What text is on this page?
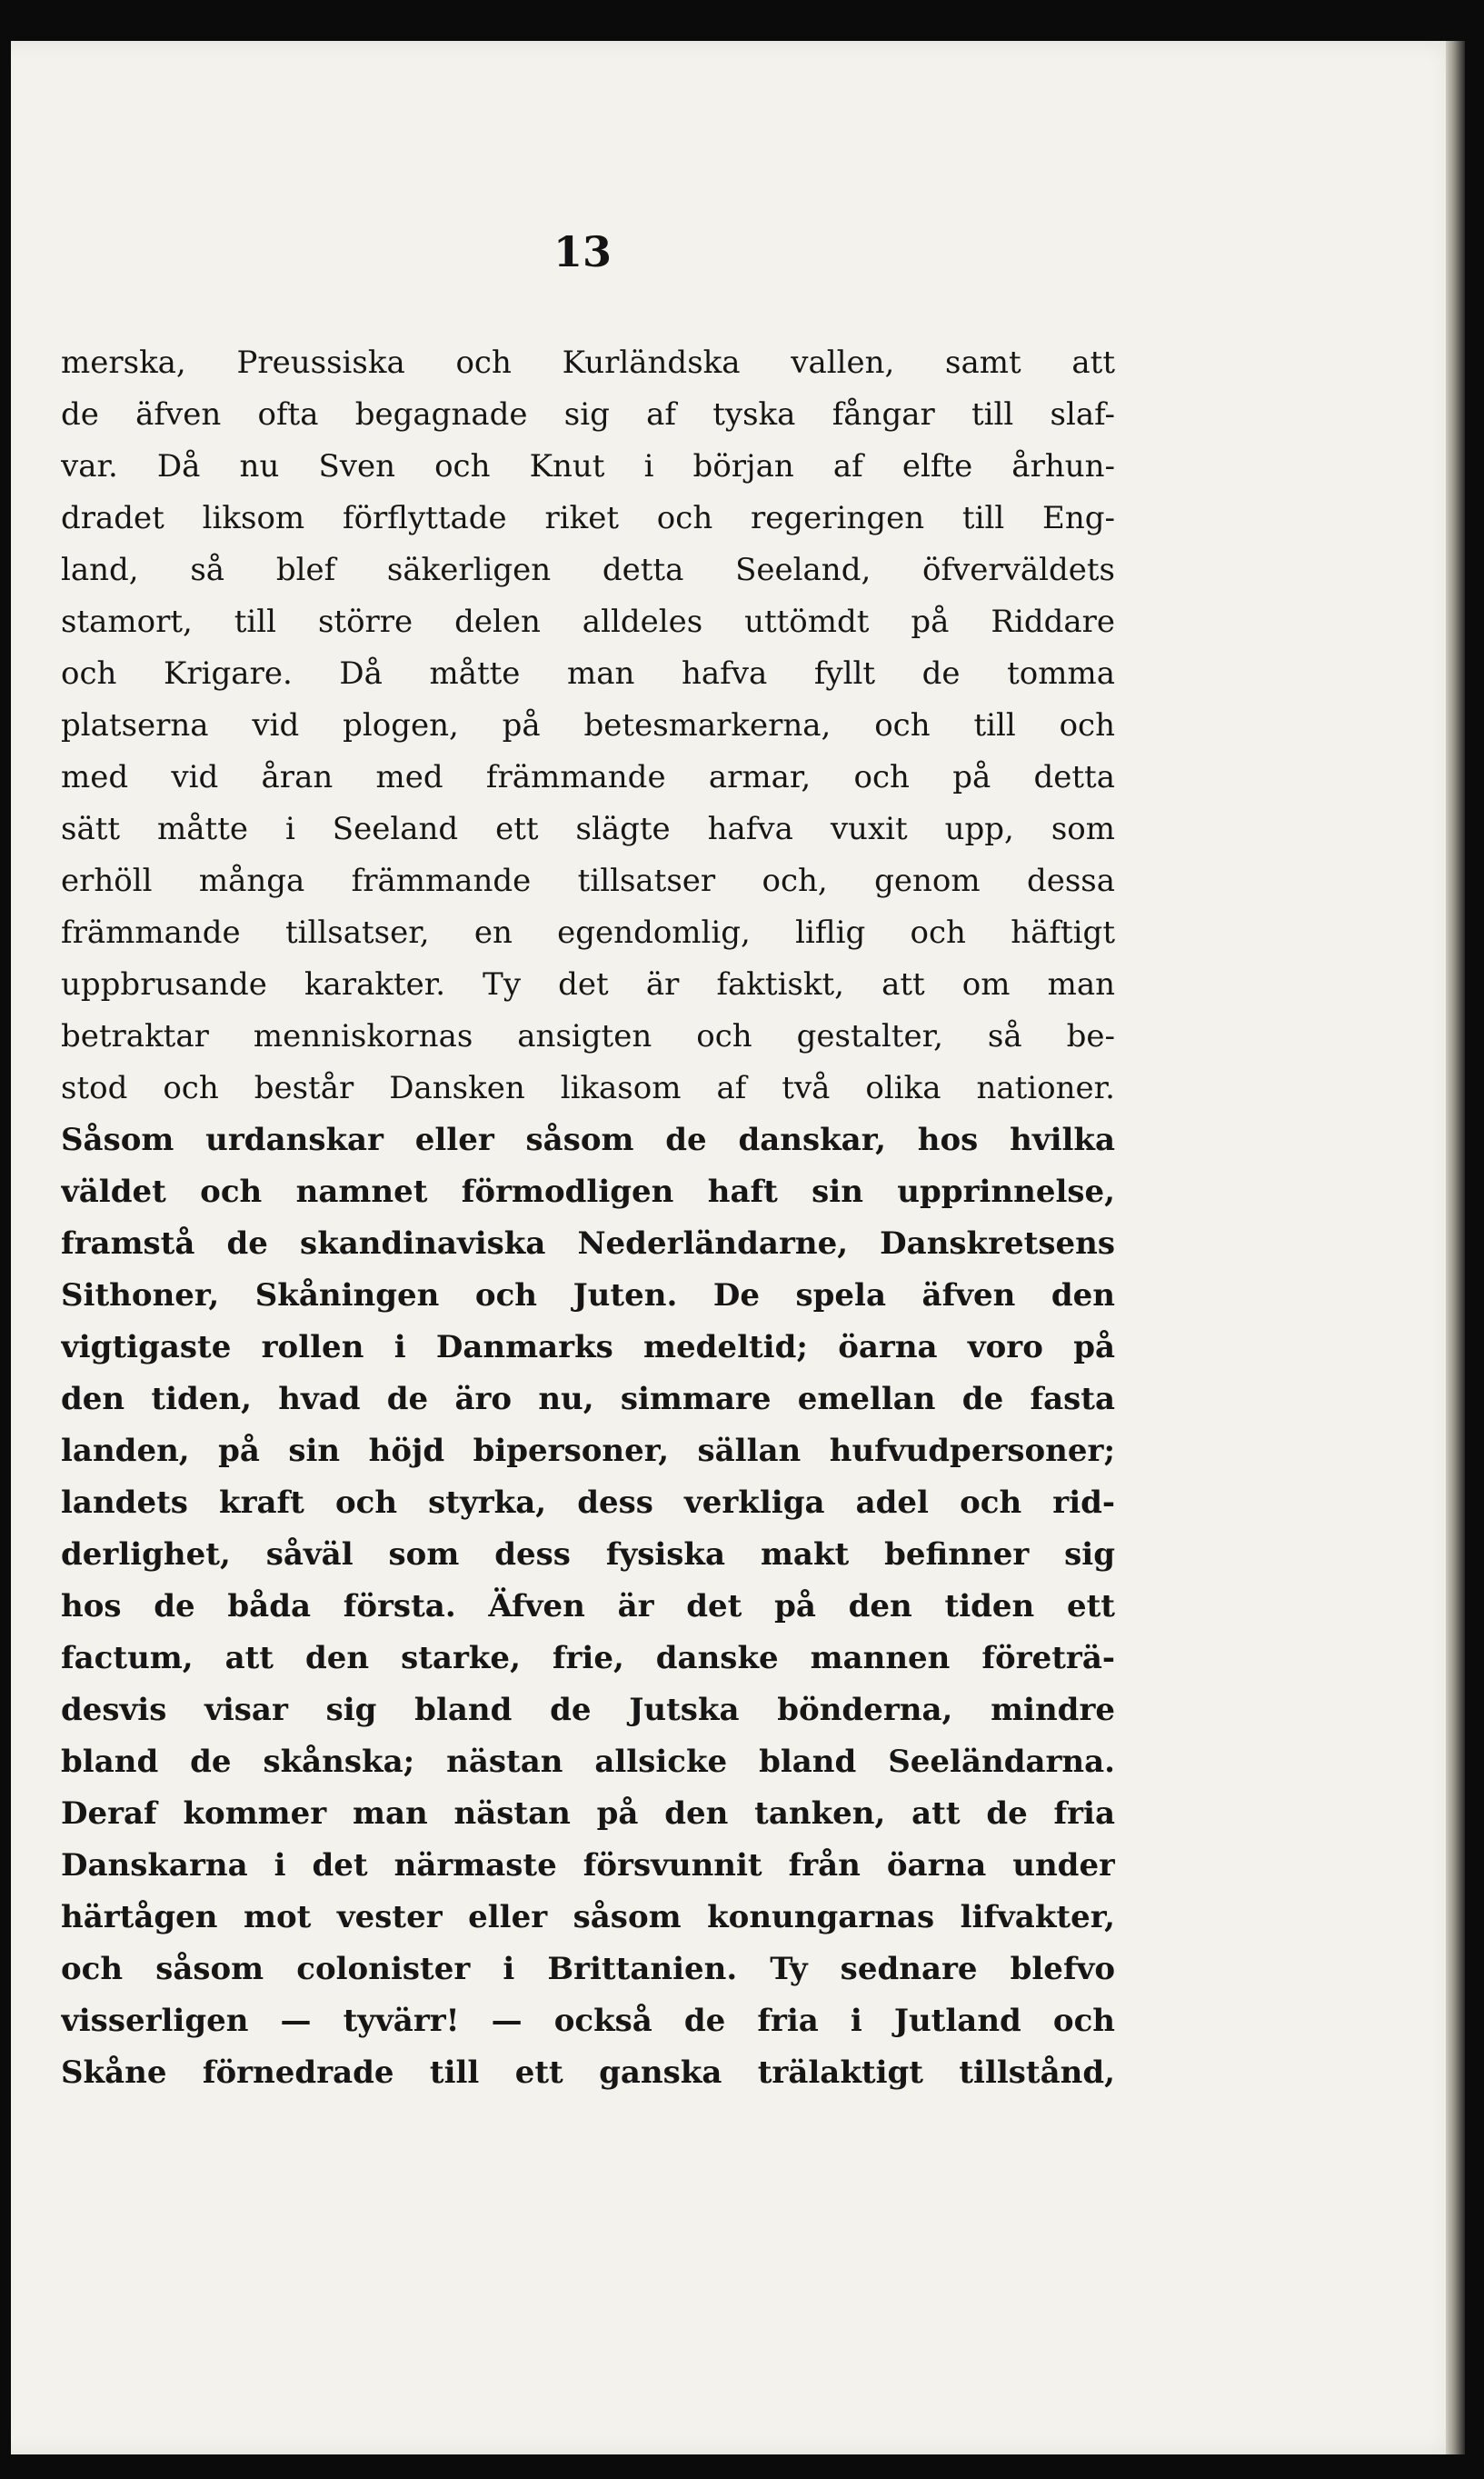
13
merska, Preussiska och Kurländska vallen, samt att
de äfven ofta begagnade sig af tyska fångar till slaf-
var. Då nu Sven och Knut i början af elfte århun-
dradet liksom förflyttade riket och regeringen till Eng-
land, så blef säkerligen detta Seeland, öfverväldets
stamort, till större delen alldeles uttömdt på Riddare
och Krigare. Då måtte man hafva fyllt de tomma
platserna vid plogen, på betesmarkerna, och till och
med vid åran med främmande armar, och på detta
sätt måtte i Seeland ett slägte hafva vuxit upp, som
erhöll många främmande tillsatser och, genom dessa
främmande tillsatser, en egendomlig, liflig och häftigt
uppbrusande karakter. Ty det är faktiskt, att om man
betraktar menniskornas ansigten och gestalter, så be-
stod och består Dansken likasom af två olika nationer.
Såsom urdanskar eller såsom de danskar, hos hvilka
väldet och namnet förmodligen haft sin upprinnelse,
framstå de skandinaviska Nederländarne, Danskretsens
Sithoner, Skåningen och Juten. De spela äfven den
vigtigaste rollen i Danmarks medeltid; öarna voro på
den tiden, hvad de äro nu, simmare emellan de fasta
landen, på sin höjd bipersoner, sällan hufvudpersoner;
landets kraft och styrka, dess verkliga adel och rid-
derlighet, såväl som dess fysiska makt befinner sig
hos de båda första. Äfven är det på den tiden ett
factum, att den starke, frie, danske mannen företrä-
desvis visar sig bland de Jutska bönderna, mindre
bland de skånska; nästan allsicke bland Seeländarna.
Deraf kommer man nästan på den tanken, att de fria
Danskarna i det närmaste försvunnit från öarna under
härtågen mot vester eller såsom konungarnas lifvakter,
och såsom colonister i Brittanien. Ty sednare blefvo
visserligen — tyvärr! — också de fria i Jutland och
Skåne förnedrade till ett ganska trälaktigt tillstånd,
